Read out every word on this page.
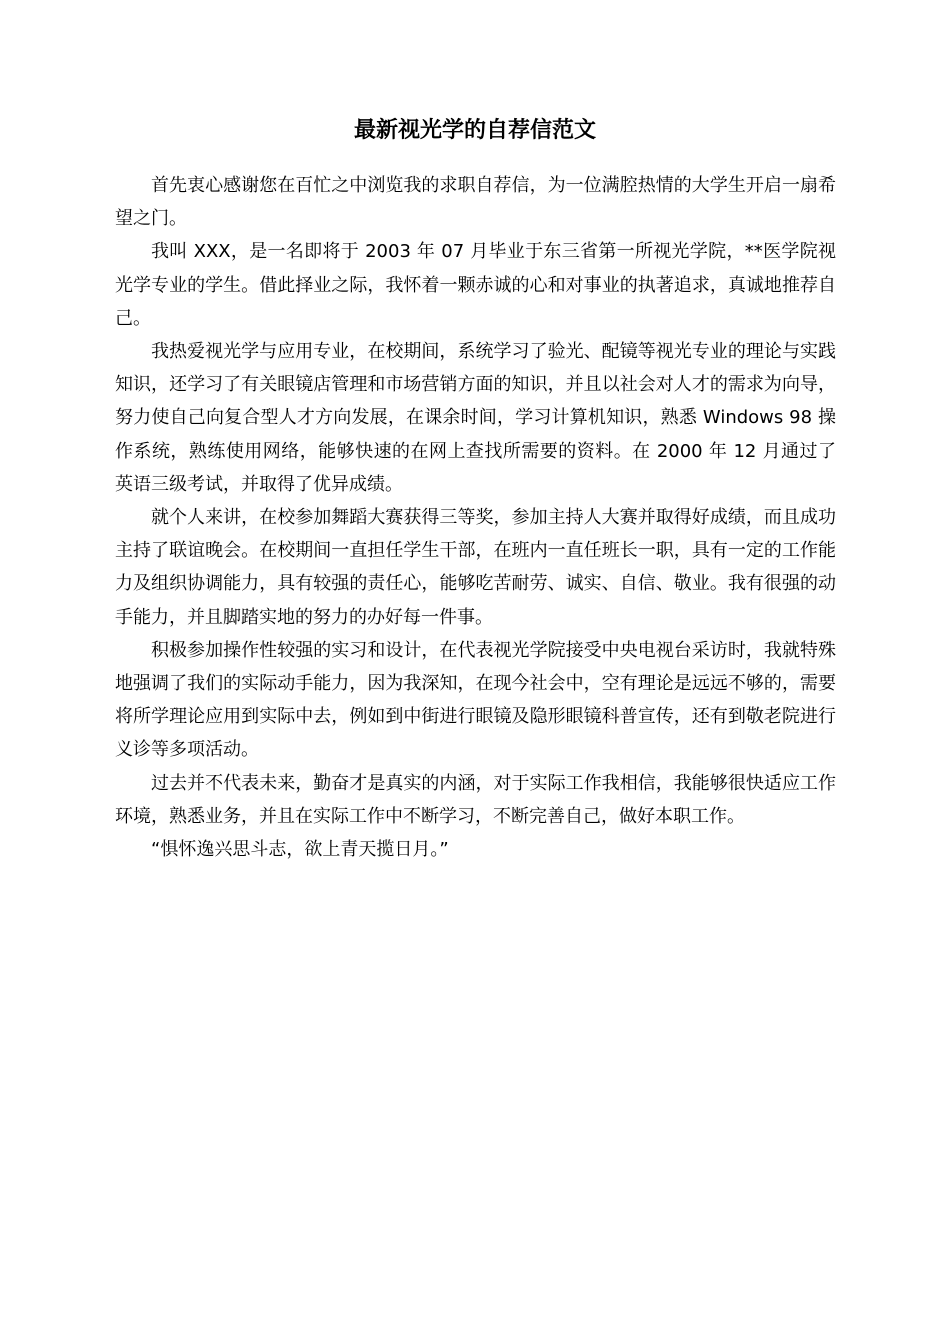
最新视光学的自荐信范文

首先衷心感谢您在百忙之中浏览我的求职自荐信，为一位满腔热情的大学生开启一扇希望之门。

我叫 XXX，是一名即将于 2003 年 07 月毕业于东三省第一所视光学院，**医学院视光学专业的学生。借此择业之际，我怀着一颗赤诚的心和对事业的执著追求，真诚地推荐自己。

我热爱视光学与应用专业，在校期间，系统学习了验光、配镜等视光专业的理论与实践知识，还学习了有关眼镜店管理和市场营销方面的知识，并且以社会对人才的需求为向导，努力使自己向复合型人才方向发展，在课余时间，学习计算机知识，熟悉 Windows 98 操作系统，熟练使用网络，能够快速的在网上查找所需要的资料。在 2000 年 12 月通过了英语三级考试，并取得了优异成绩。

就个人来讲，在校参加舞蹈大赛获得三等奖，参加主持人大赛并取得好成绩，而且成功主持了联谊晚会。在校期间一直担任学生干部，在班内一直任班长一职，具有一定的工作能力及组织协调能力，具有较强的责任心，能够吃苦耐劳、诚实、自信、敬业。我有很强的动手能力，并且脚踏实地的努力的办好每一件事。

积极参加操作性较强的实习和设计，在代表视光学院接受中央电视台采访时，我就特殊地强调了我们的实际动手能力，因为我深知，在现今社会中，空有理论是远远不够的，需要将所学理论应用到实际中去，例如到中街进行眼镜及隐形眼镜科普宣传，还有到敬老院进行义诊等多项活动。

过去并不代表未来，勤奋才是真实的内涵，对于实际工作我相信，我能够很快适应工作环境，熟悉业务，并且在实际工作中不断学习，不断完善自己，做好本职工作。

“惧怀逸兴思斗志，欲上青天揽日月。”
